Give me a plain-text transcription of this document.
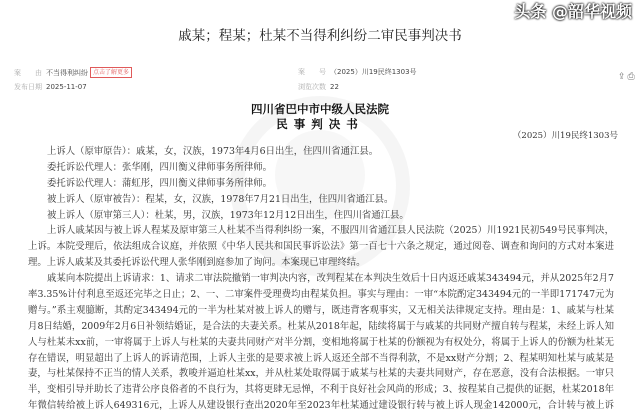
戚某；程某；杜某不当得利纠纷二审民事判决书
案　　由 不当得利纠纷 点击了解更多
发布日期 2025-11-07
案　　号 （2025）川19民终1303号
浏览次数 22
⇪ ⎙
四川省巴中市中级人民法院
民事判决书
（2025）川19民终1303号
上诉人（原审原告）：戚某，女，汉族，1973年4月6日出生，住四川省通江县。
委托诉讼代理人：张华刚，四川衡义律师事务所律师。
委托诉讼代理人：蒲虹彤，四川衡义律师事务所律师。
被上诉人（原审被告）：程某，女，汉族，1978年7月21日出生，住四川省通江县。
被上诉人（原审第三人）：杜某，男，汉族，1973年12月12日出生，住四川省通江县。
上诉人戚某因与被上诉人程某及原审第三人杜某不当得利纠纷一案，不服四川省通江县人民法院（2025）川1921民初549号民事判决，
上诉。本院受理后，依法组成合议庭，并依照《中华人民共和国民事诉讼法》第一百七十六条之规定，通过阅卷、调查和询问的方式对本案进
理。上诉人戚某及其委托诉讼代理人张华刚到庭参加了询问。本案现已审理终结。
戚某向本院提出上诉请求：1、请求二审法院撤销一审判决内容，改判程某在本判决生效后十日内返还戚某343494元，并从2025年2月7
率3.35%计付利息至返还完毕之日止；2、一、二审案件受理费均由程某负担。事实与理由：一审“本院酌定343494元的一半即171747元为
赠与。”系主观臆断，其酌定343494元的一半为杜某对被上诉人的赠与，既违背客观事实，又无相关法律规定支持。理由是：1、戚某与杜某
月8日结婚，2009年2月6日补领结婚证，是合法的夫妻关系。杜某从2018年起，陆续将属于与戚某的共同财产擅自转与程某，未经上诉人知
人与杜某未xx前，一审将属于上诉人与杜某的夫妻共同财产对半分割，变相地将属于杜某的份额视为有权处分，将属于上诉人的份额为杜某无
存在错误，明显超出了上诉人的诉请范围，上诉人主张的是要求被上诉人返还全部不当得利款，不是xx财产分割；2、程某明知杜某与戚某是
妻，与杜某保持不正当的情人关系，教唆并逼迫杜某xx，并从杜某处取得属于戚某与杜某的夫妻共同财产，存在恶意，没有合法根据。一审只
半，变相引导并助长了违背公序良俗者的不良行为，其将更肆无忌惮，不利于良好社会风尚的形成；3、按程某自己提供的证据，杜某2018年
年微信转给被上诉人649316元，上诉人从建设银行查出2020年至2023年杜某通过建设银行转与被上诉人现金142000元，合计转与被上诉
头条 @韶华视频
